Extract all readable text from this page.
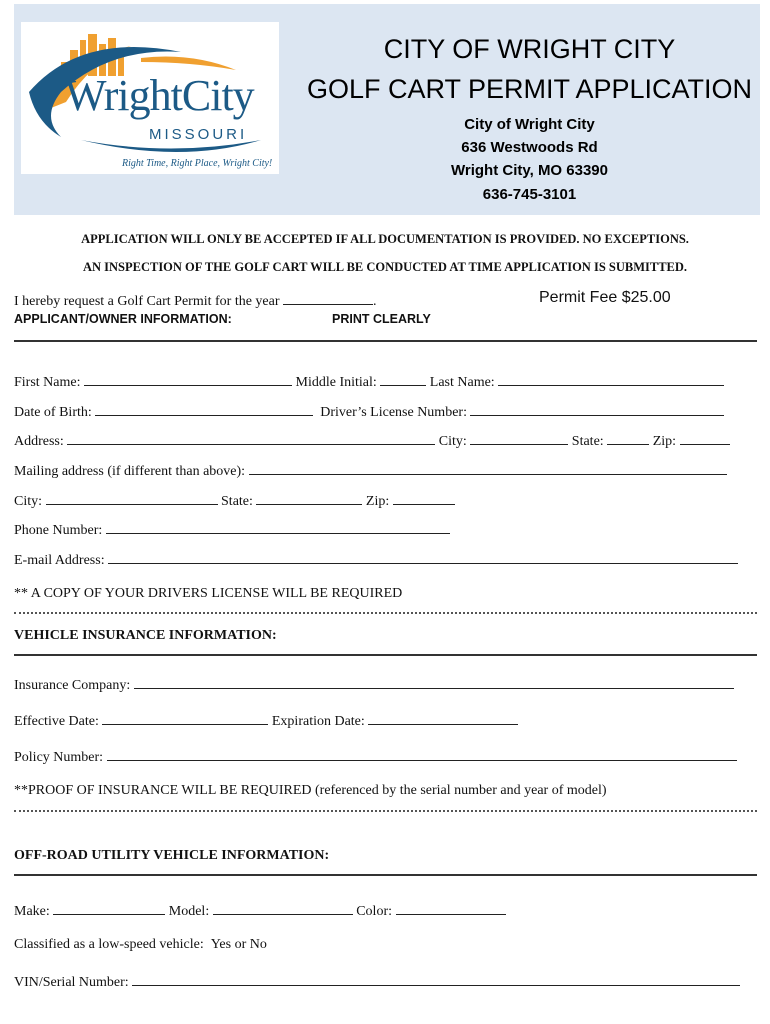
WrightCity
MISSOURI
Right Time, Right Place, Wright City!
CITY OF WRIGHT CITY
GOLF CART PERMIT APPLICATION
City of Wright City
636 Westwoods Rd
Wright City, MO 63390
636-745-3101
APPLICATION WILL ONLY BE ACCEPTED IF ALL DOCUMENTATION IS PROVIDED. NO EXCEPTIONS.
AN INSPECTION OF THE GOLF CART WILL BE CONDUCTED AT TIME APPLICATION IS SUBMITTED.
I hereby request a Golf Cart Permit for the year	.	Permit Fee $25.00
APPLICANT/OWNER INFORMATION:	PRINT CLEARLY
First Name:	Middle Initial:	Last Name:
Date of Birth:	Driver’s License Number:
Address:	City:	State:	Zip:
Mailing address (if different than above):
City:	State:	Zip:
Phone Number:
E-mail Address:
** A COPY OF YOUR DRIVERS LICENSE WILL BE REQUIRED
VEHICLE INSURANCE INFORMATION:
Insurance Company:
Effective Date:	Expiration Date:
Policy Number:
**PROOF OF INSURANCE WILL BE REQUIRED (referenced by the serial number and year of model)
OFF-ROAD UTILITY VEHICLE INFORMATION:
Make:	Model:	Color:
Classified as a low-speed vehicle: Yes or No
VIN/Serial Number:
